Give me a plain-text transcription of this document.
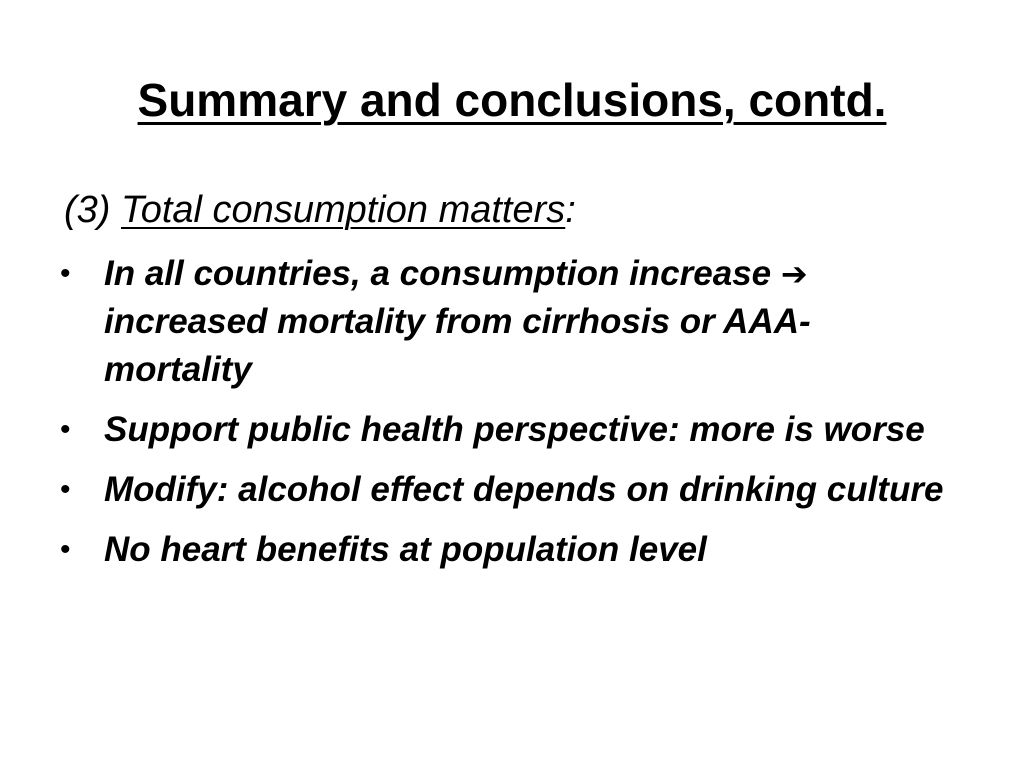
Summary and conclusions, contd.
(3) Total consumption matters:
• In all countries, a consumption increase ➔ increased mortality from cirrhosis or AAA-mortality
• Support public health perspective: more is worse
• Modify: alcohol effect depends on drinking culture
• No heart benefits at population level
